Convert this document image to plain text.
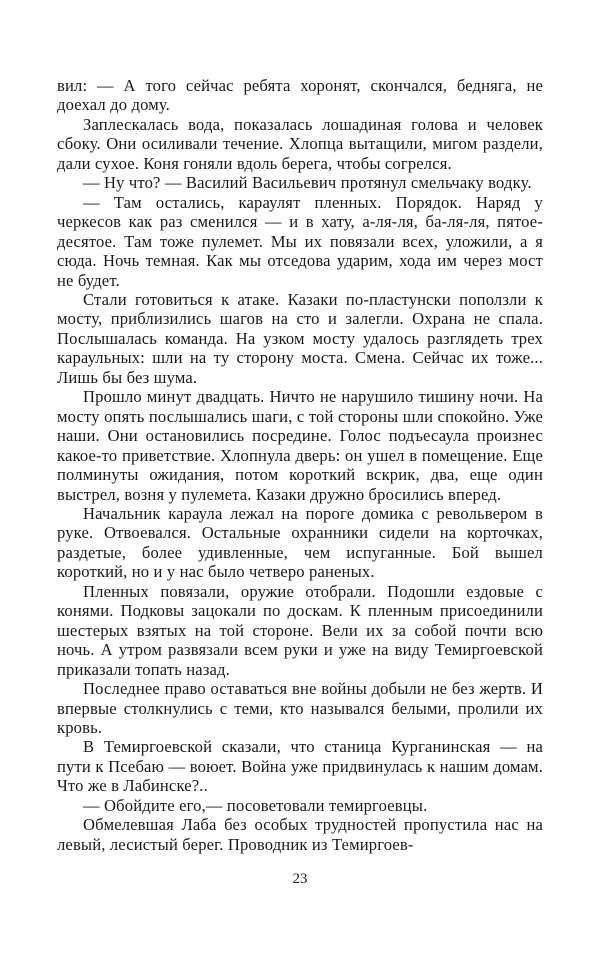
вил: — А того сейчас ребята хоронят, скончался, бедняга, не доехал до дому.

Заплескалась вода, показалась лошадиная голова и человек сбоку. Они осиливали течение. Хлопца вытащили, мигом раздели, дали сухое. Коня гоняли вдоль берега, чтобы согрелся.

— Ну что? — Василий Васильевич протянул смельчаку водку.

— Там остались, караулят пленных. Порядок. Наряд у черкесов как раз сменился — и в хату, а-ля-ля, ба-ля-ля, пятое-десятое. Там тоже пулемет. Мы их повязали всех, уложили, а я сюда. Ночь темная. Как мы отседова ударим, хода им через мост не будет.

Стали готовиться к атаке. Казаки по-пластунски поползли к мосту, приблизились шагов на сто и залегли. Охрана не спала. Послышалась команда. На узком мосту удалось разглядеть трех караульных: шли на ту сторону моста. Смена. Сейчас их тоже... Лишь бы без шума.

Прошло минут двадцать. Ничто не нарушило тишину ночи. На мосту опять послышались шаги, с той стороны шли спокойно. Уже наши. Они остановились посредине. Голос подъесаула произнес какое-то приветствие. Хлопнула дверь: он ушел в помещение. Еще полминуты ожидания, потом короткий вскрик, два, еще один выстрел, возня у пулемета. Казаки дружно бросились вперед.

Начальник караула лежал на пороге домика с револьвером в руке. Отвоевался. Остальные охранники сидели на корточках, раздетые, более удивленные, чем испуганные. Бой вышел короткий, но и у нас было четверо раненых.

Пленных повязали, оружие отобрали. Подошли ездовые с конями. Подковы зацокали по доскам. К пленным присоединили шестерых взятых на той стороне. Вели их за собой почти всю ночь. А утром развязали всем руки и уже на виду Темиргоевской приказали топать назад.

Последнее право оставаться вне войны добыли не без жертв. И впервые столкнулись с теми, кто назывался белыми, пролили их кровь.

В Темиргоевской сказали, что станица Курганинская — на пути к Псебаю — воюет. Война уже придвинулась к нашим домам. Что же в Лабинске?..

— Обойдите его,— посоветовали темиргоевцы.

Обмелевшая Лаба без особых трудностей пропустила нас на левый, лесистый берег. Проводник из Темиргоев-

23
